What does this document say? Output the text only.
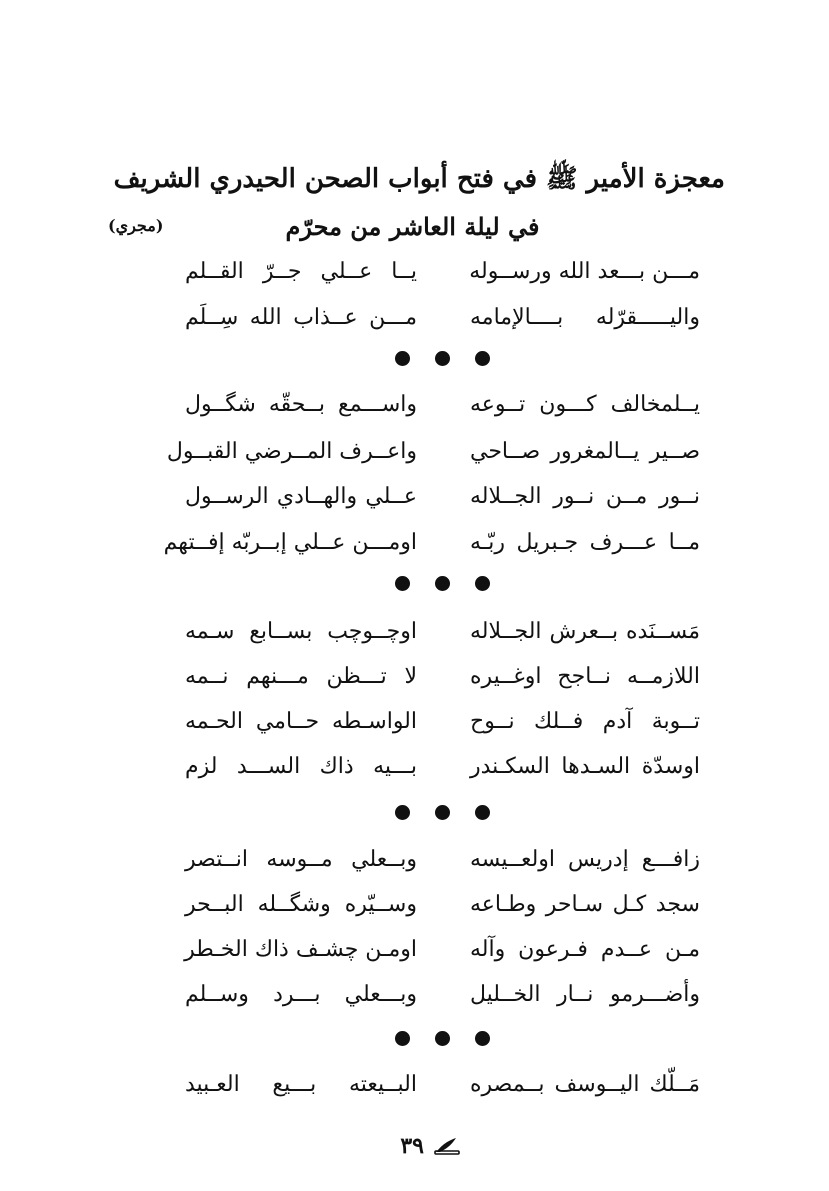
معجزة الأمير ﷺ في فتح أبواب الصحن الحيدري الشريف
في ليلة العاشر من محرّم
(مجري)
مـــن بـــعد الله ورســوله
يــا عــلي جــرّ القــلم
واليـــــقرّله بــــالإمامه
مـــن عــذاب الله سِــلَم
يــلمخالف كـــون تــوعه
واســـمع بــحقّه شگــول
صــير يــالمغرور صــاحي
واعــرف المــرضي القبــول
نــور مــن نــور الجــلاله
عــلي والهــادي الرســول
مــا عـــرف جـبريل ربّـه
اومـــن عــلي إبــربّه إفــتهم
مَســنَده بــعرش الجــلاله
اوچــوچب بســابع سـمه
اللازمــه نــاجح اوغــيره
لا تـــظن مـــنهم نــمه
تــوبة آدم فــلك نــوح
الواسـطه حــامي الحـمه
اوسدّة السـدها السكـندر
بـــيه ذاك الســـد لزم
زافـــع إدريس اولعــيسه
وبــعلي مــوسه انــتصر
سجد كـل سـاحر وطـاعه
وســيّره وشگــله البــحر
مـن عــدم فـرعون وآله
اومـن چشـف ذاك الخـطر
وأضـــرمو نــار الخــليل
وبـــعلي بـــرد وســلم
مَــلّك اليــوسف بــمصره
البــيعته بـــيع العـبيد
٣٩
